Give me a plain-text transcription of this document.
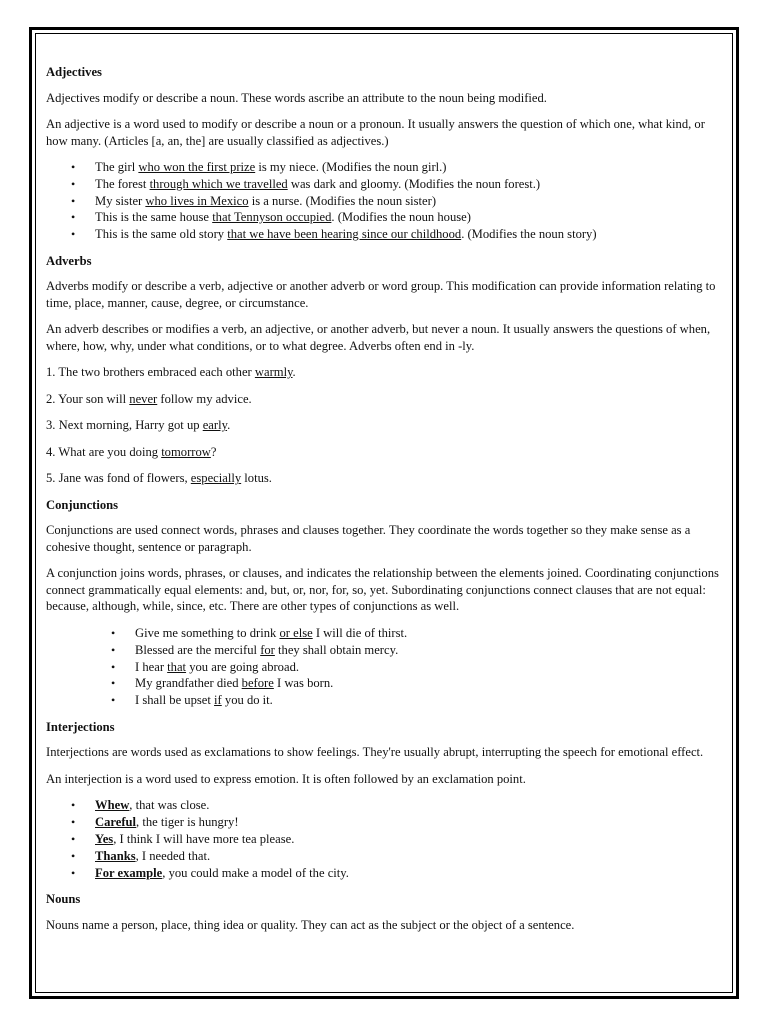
Adjectives

Adjectives modify or describe a noun. These words ascribe an attribute to the noun being modified.

An adjective is a word used to modify or describe a noun or a pronoun. It usually answers the question of which one, what kind, or how many. (Articles [a, an, the] are usually classified as adjectives.)

• The girl who won the first prize is my niece. (Modifies the noun girl.)
• The forest through which we travelled was dark and gloomy. (Modifies the noun forest.)
• My sister who lives in Mexico is a nurse. (Modifies the noun sister)
• This is the same house that Tennyson occupied. (Modifies the noun house)
• This is the same old story that we have been hearing since our childhood. (Modifies the noun story)
Adverbs

Adverbs modify or describe a verb, adjective or another adverb or word group. This modification can provide information relating to time, place, manner, cause, degree, or circumstance.

An adverb describes or modifies a verb, an adjective, or another adverb, but never a noun. It usually answers the questions of when, where, how, why, under what conditions, or to what degree. Adverbs often end in -ly.

1. The two brothers embraced each other warmly.

2. Your son will never follow my advice.

3. Next morning, Harry got up early.

4. What are you doing tomorrow?

5. Jane was fond of flowers, especially lotus.

Conjunctions

Conjunctions are used connect words, phrases and clauses together. They coordinate the words together so they make sense as a cohesive thought, sentence or paragraph.

A conjunction joins words, phrases, or clauses, and indicates the relationship between the elements joined. Coordinating conjunctions connect grammatically equal elements: and, but, or, nor, for, so, yet. Subordinating conjunctions connect clauses that are not equal: because, although, while, since, etc. There are other types of conjunctions as well.

• Give me something to drink or else I will die of thirst.
• Blessed are the merciful for they shall obtain mercy.
• I hear that you are going abroad.
• My grandfather died before I was born.
• I shall be upset if you do it.
Interjections

Interjections are words used as exclamations to show feelings. They're usually abrupt, interrupting the speech for emotional effect.

An interjection is a word used to express emotion. It is often followed by an exclamation point.

• Whew, that was close.
• Careful, the tiger is hungry!
• Yes, I think I will have more tea please.
• Thanks, I needed that.
• For example, you could make a model of the city.
Nouns

Nouns name a person, place, thing idea or quality. They can act as the subject or the object of a sentence.
